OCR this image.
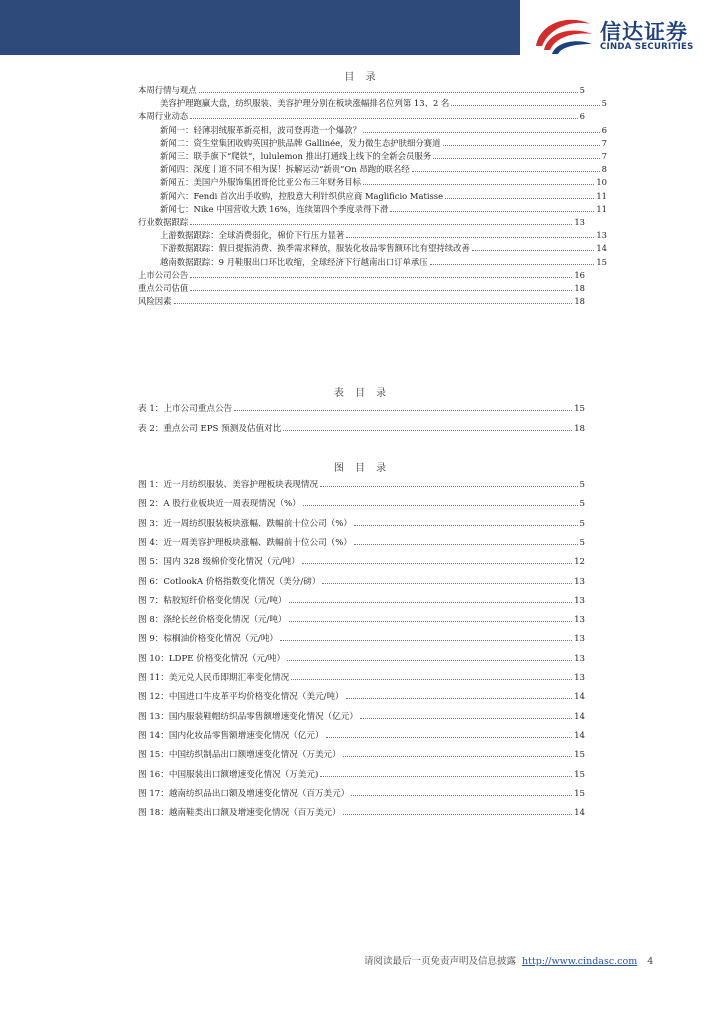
信达证券
CINDA SECURITIES
目 录
本周行情与观点	5
美容护理跑赢大盘，纺织服装、美容护理分别在板块涨幅排名位列第 13、2 名	5
本周行业动态	6
新闻一：轻薄羽绒服革新亮相，波司登再造一个爆款？	6
新闻二：资生堂集团收购英国护肤品牌 Gallinée，发力微生态护肤细分赛道	7
新闻三：联手旗下“爬铁”，lululemon 推出打通线上线下的全新会员服务	7
新闻四：深度丨道不同不相为谋！拆解运动“新贵”On 昂跑的联名经	8
新闻五：美国户外服饰集团哥伦比亚公布三年财务目标	10
新闻六：Fendi 首次出手收购，控股意大利针织供应商 Maglificio Matisse	11
新闻七：Nike 中国营收大跌 16%，连续第四个季度录得下滑	11
行业数据跟踪	13
上游数据跟踪：全球消费弱化，棉价下行压力显著	13
下游数据跟踪：假日提振消费、换季需求释放，服装化妆品零售额环比有望持续改善	14
越南数据跟踪：9 月鞋服出口环比收缩，全球经济下行越南出口订单承压	15
上市公司公告	16
重点公司估值	18
风险因素	18
表 目 录
表 1：上市公司重点公告	15
表 2：重点公司 EPS 预测及估值对比	18
图 目 录
图 1：近一月纺织服装、美容护理板块表现情况	5
图 2：A 股行业板块近一周表现情况（%）	5
图 3：近一周纺织服装板块涨幅、跌幅前十位公司（%）	5
图 4：近一周美容护理板块涨幅、跌幅前十位公司（%）	5
图 5：国内 328 级棉价变化情况（元/吨）	12
图 6：CotlookA 价格指数变化情况（美分/磅）	13
图 7：粘胶短纤价格变化情况（元/吨）	13
图 8：涤纶长丝价格变化情况（元/吨）	13
图 9：棕榈油价格变化情况（元/吨）	13
图 10：LDPE 价格变化情况（元/吨）	13
图 11：美元兑人民币即期汇率变化情况	13
图 12：中国进口牛皮革平均价格变化情况（美元/吨）	14
图 13：国内服装鞋帽纺织品零售额增速变化情况（亿元）	14
图 14：国内化妆品零售额增速变化情况（亿元）	14
图 15：中国纺织制品出口额增速变化情况（万美元）	15
图 16：中国服装出口额增速变化情况（万美元)	15
图 17：越南纺织品出口额及增速变化情况（百万美元）	15
图 18：越南鞋类出口额及增速变化情况（百万美元）	14
请阅读最后一页免责声明及信息披露 http://www.cindasc.com 4
